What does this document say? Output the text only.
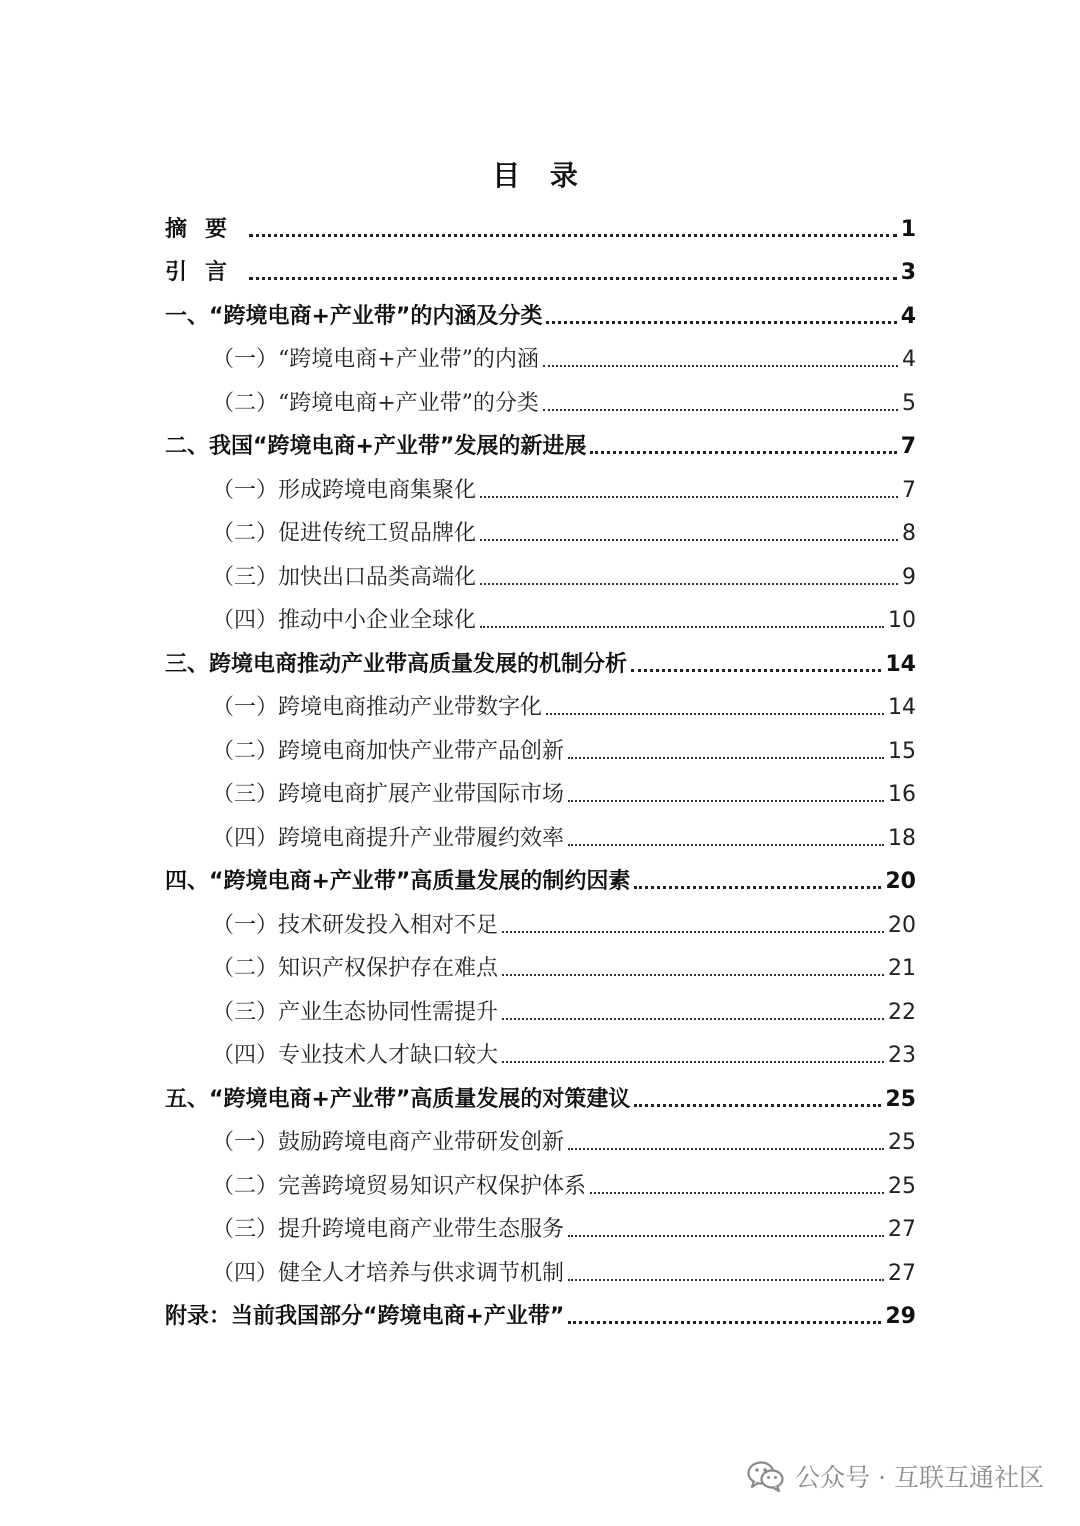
目 录
摘要	1
引言	3
一、“跨境电商+产业带”的内涵及分类	4
（一）“跨境电商+产业带”的内涵	4
（二）“跨境电商+产业带”的分类	5
二、我国“跨境电商+产业带”发展的新进展	7
（一）形成跨境电商集聚化	7
（二）促进传统工贸品牌化	8
（三）加快出口品类高端化	9
（四）推动中小企业全球化	10
三、跨境电商推动产业带高质量发展的机制分析	14
（一）跨境电商推动产业带数字化	14
（二）跨境电商加快产业带产品创新	15
（三）跨境电商扩展产业带国际市场	16
（四）跨境电商提升产业带履约效率	18
四、“跨境电商+产业带”高质量发展的制约因素	20
（一）技术研发投入相对不足	20
（二）知识产权保护存在难点	21
（三）产业生态协同性需提升	22
（四）专业技术人才缺口较大	23
五、“跨境电商+产业带”高质量发展的对策建议	25
（一）鼓励跨境电商产业带研发创新	25
（二）完善跨境贸易知识产权保护体系	25
（三）提升跨境电商产业带生态服务	27
（四）健全人才培养与供求调节机制	27
附录：当前我国部分“跨境电商+产业带”	29
公众号 · 互联互通社区
